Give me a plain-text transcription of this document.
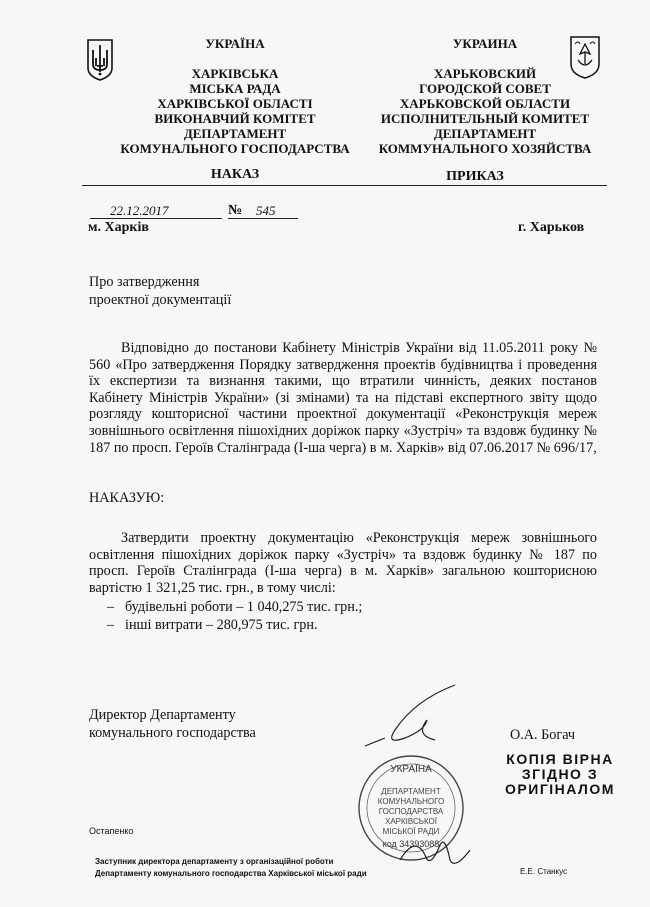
УКРАЇНА
ХАРКІВСЬКА
МІСЬКА РАДА
ХАРКІВСЬКОЇ ОБЛАСТІ
ВИКОНАВЧИЙ КОМІТЕТ
ДЕПАРТАМЕНТ
КОМУНАЛЬНОГО ГОСПОДАРСТВА
УКРАИНА
ХАРЬКОВСКИЙ
ГОРОДСКОЙ СОВЕТ
ХАРЬКОВСКОЙ ОБЛАСТИ
ИСПОЛНИТЕЛЬНЫЙ КОМИТЕТ
ДЕПАРТАМЕНТ
КОММУНАЛЬНОГО ХОЗЯЙСТВА
НАКАЗ	ПРИКАЗ
22.12.2017	№ 545
м. Харків	г. Харьков
Про затвердження
проектної документації
Відповідно до постанови Кабінету Міністрів України від 11.05.2011 року № 560 «Про затвердження Порядку затвердження проектів будівництва і проведення їх експертизи та визнання такими, що втратили чинність, деяких постанов Кабінету Міністрів України» (зі змінами) та на підставі експертного звіту щодо розгляду кошторисної частини проектної документації «Реконструкція мереж зовнішнього освітлення пішохідних доріжок парку «Зустріч» та вздовж будинку № 187 по просп. Героїв Сталінграда (І-ша черга) в м. Харків» від 07.06.2017 № 696/17,
НАКАЗУЮ:
Затвердити проектну документацію «Реконструкція мереж зовнішнього освітлення пішохідних доріжок парку «Зустріч» та вздовж будинку № 187 по просп. Героїв Сталінграда (І-ша черга) в м. Харків» загальною кошторисною вартістю 1 321,25 тис. грн., в тому числі:
– будівельні роботи – 1 040,275 тис. грн.;
– інші витрати – 280,975 тис. грн.
Директор Департаменту
комунального господарства	О.А. Богач
КОПІЯ ВІРНА
ЗГІДНО З
ОРИГІНАЛОМ
УКРАЇНА
ДЕПАРТАМЕНТ
КОМУНАЛЬНОГО
ГОСПОДАРСТВА
ХАРКІВСЬКОЇ
МІСЬКОЇ РАДИ
код 34393088
Остапенко
Заступник директора департаменту з організаційної роботи
Департаменту комунального господарства Харківської міської ради	Е.Е. Станкус
